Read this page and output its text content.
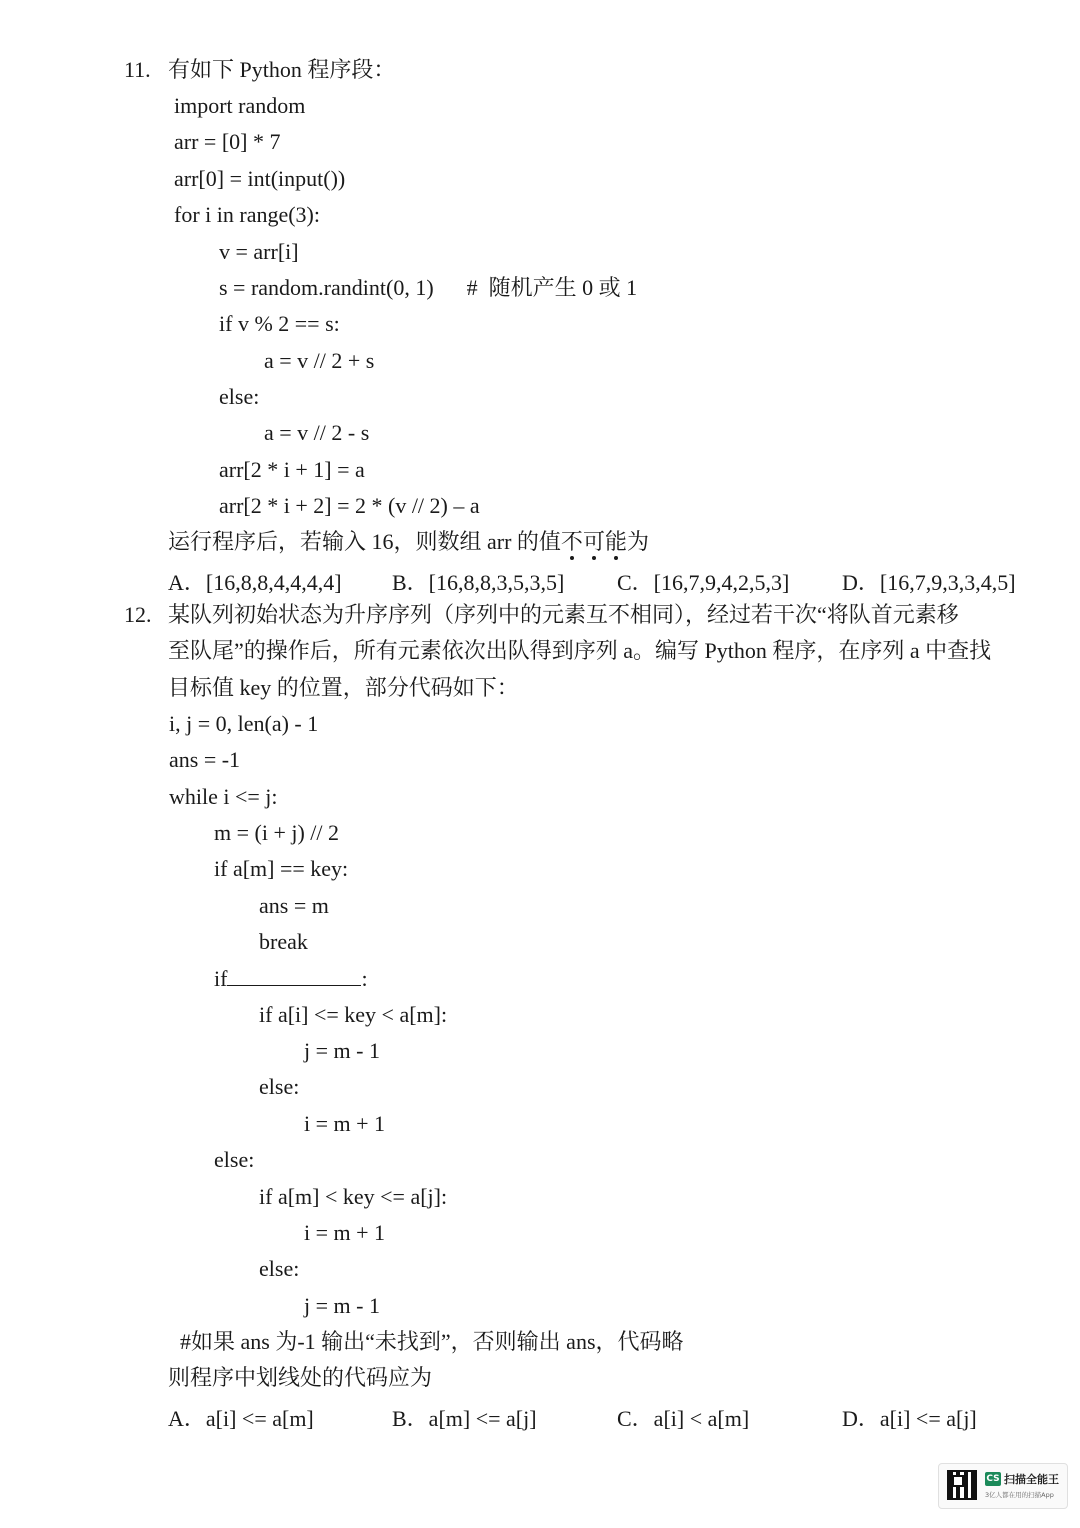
11. 有如下 Python 程序段：
import random
arr = [0] * 7
arr[0] = int(input())
for i in range(3):
v = arr[i]
s = random.randint(0, 1)      #  随机产生 0 或 1
if v % 2 == s:
a = v // 2 + s
else:
a = v // 2 - s
arr[2 * i + 1] = a
arr[2 * i + 2] = 2 * (v // 2) – a
运行程序后，若输入 16，则数组 arr 的值不
可
能
为
A．[16,8,8,4,4,4,4] B．[16,8,8,3,5,3,5] C．[16,7,9,4,2,5,3] D．[16,7,9,3,3,4,5]
12. 某队列初始状态为升序序列（序列中的元素互不相同），经过若干次“将队首元素移
至队尾”的操作后，所有元素依次出队得到序列 a。编写 Python 程序，在序列 a 中查找
目标值 key 的位置，部分代码如下：
i, j = 0, len(a) - 1
ans = -1
while i <= j:
m = (i + j) // 2
if a[m] == key:
ans = m
break
if	:
if a[i] <= key < a[m]:
j = m - 1
else:
i = m + 1
else:
if a[m] < key <= a[j]:
i = m + 1
else:
j = m - 1
#如果 ans 为-1 输出“未找到”，否则输出 ans，代码略
则程序中划线处的代码应为
A．a[i] <= a[m]	B．a[m] <= a[j]	C．a[i] < a[m]	D．a[i] <= a[j]
CS 扫描全能王
3亿人都在用的扫描App
